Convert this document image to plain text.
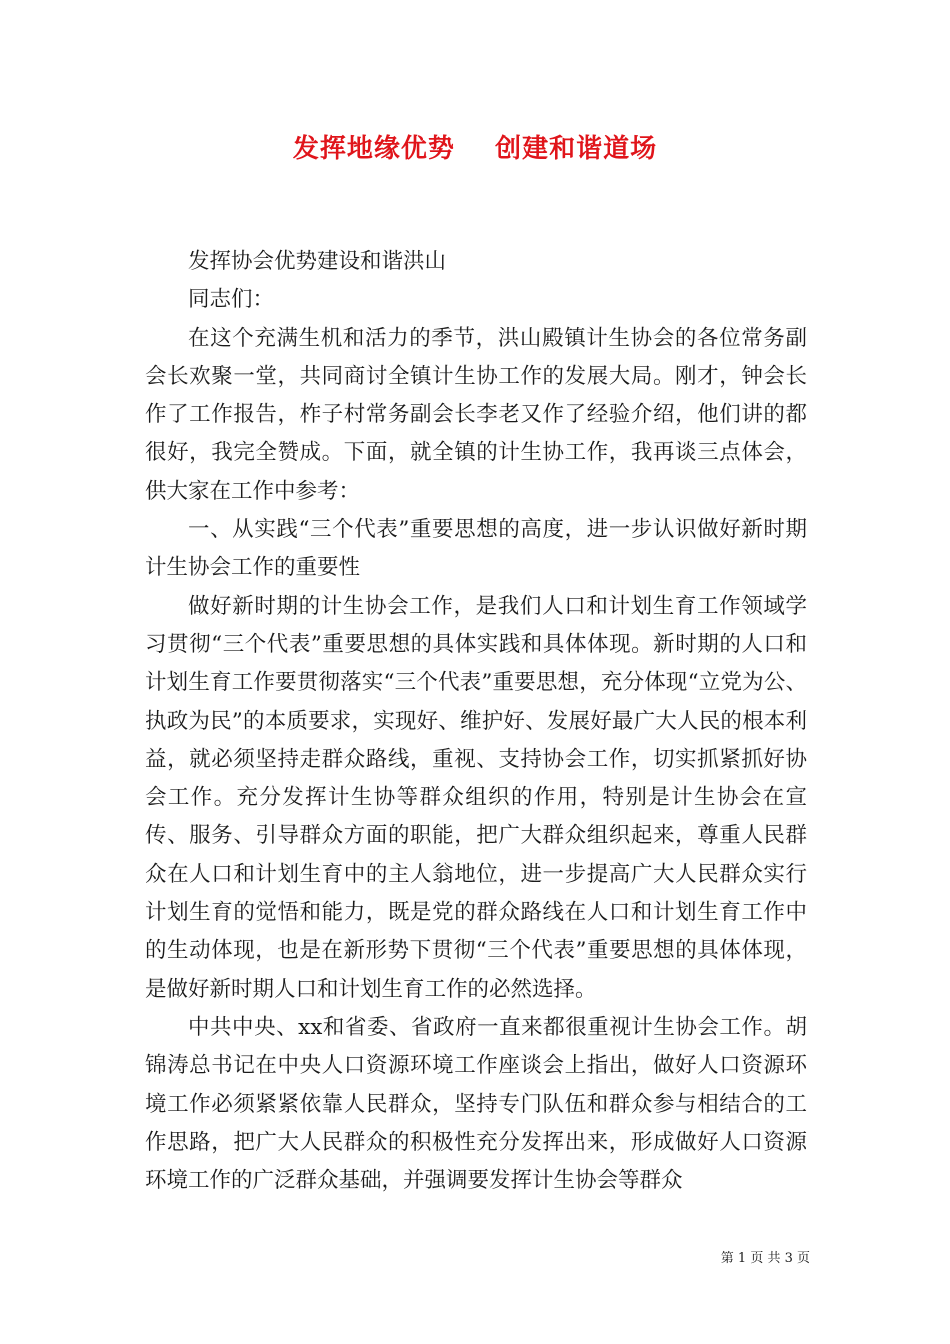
发挥地缘优势    创建和谐道场

发挥协会优势建设和谐洪山

同志们：

在这个充满生机和活力的季节，洪山殿镇计生协会的各位常务副会长欢聚一堂，共同商讨全镇计生协工作的发展大局。刚才，钟会长作了工作报告，柞子村常务副会长李老又作了经验介绍，他们讲的都很好，我完全赞成。下面，就全镇的计生协工作，我再谈三点体会，供大家在工作中参考：

一、从实践“三个代表”重要思想的高度，进一步认识做好新时期计生协会工作的重要性

做好新时期的计生协会工作，是我们人口和计划生育工作领域学习贯彻“三个代表”重要思想的具体实践和具体体现。新时期的人口和计划生育工作要贯彻落实“三个代表”重要思想，充分体现“立党为公、执政为民”的本质要求，实现好、维护好、发展好最广大人民的根本利益，就必须坚持走群众路线，重视、支持协会工作，切实抓紧抓好协会工作。充分发挥计生协等群众组织的作用，特别是计生协会在宣传、服务、引导群众方面的职能，把广大群众组织起来，尊重人民群众在人口和计划生育中的主人翁地位，进一步提高广大人民群众实行计划生育的觉悟和能力，既是党的群众路线在人口和计划生育工作中的生动体现，也是在新形势下贯彻“三个代表”重要思想的具体体现，是做好新时期人口和计划生育工作的必然选择。

中共中央、xx和省委、省政府一直来都很重视计生协会工作。胡锦涛总书记在中央人口资源环境工作座谈会上指出，做好人口资源环境工作必须紧紧依靠人民群众，坚持专门队伍和群众参与相结合的工作思路，把广大人民群众的积极性充分发挥出来，形成做好人口资源环境工作的广泛群众基础，并强调要发挥计生协会等群众

第 1 页 共 3 页
